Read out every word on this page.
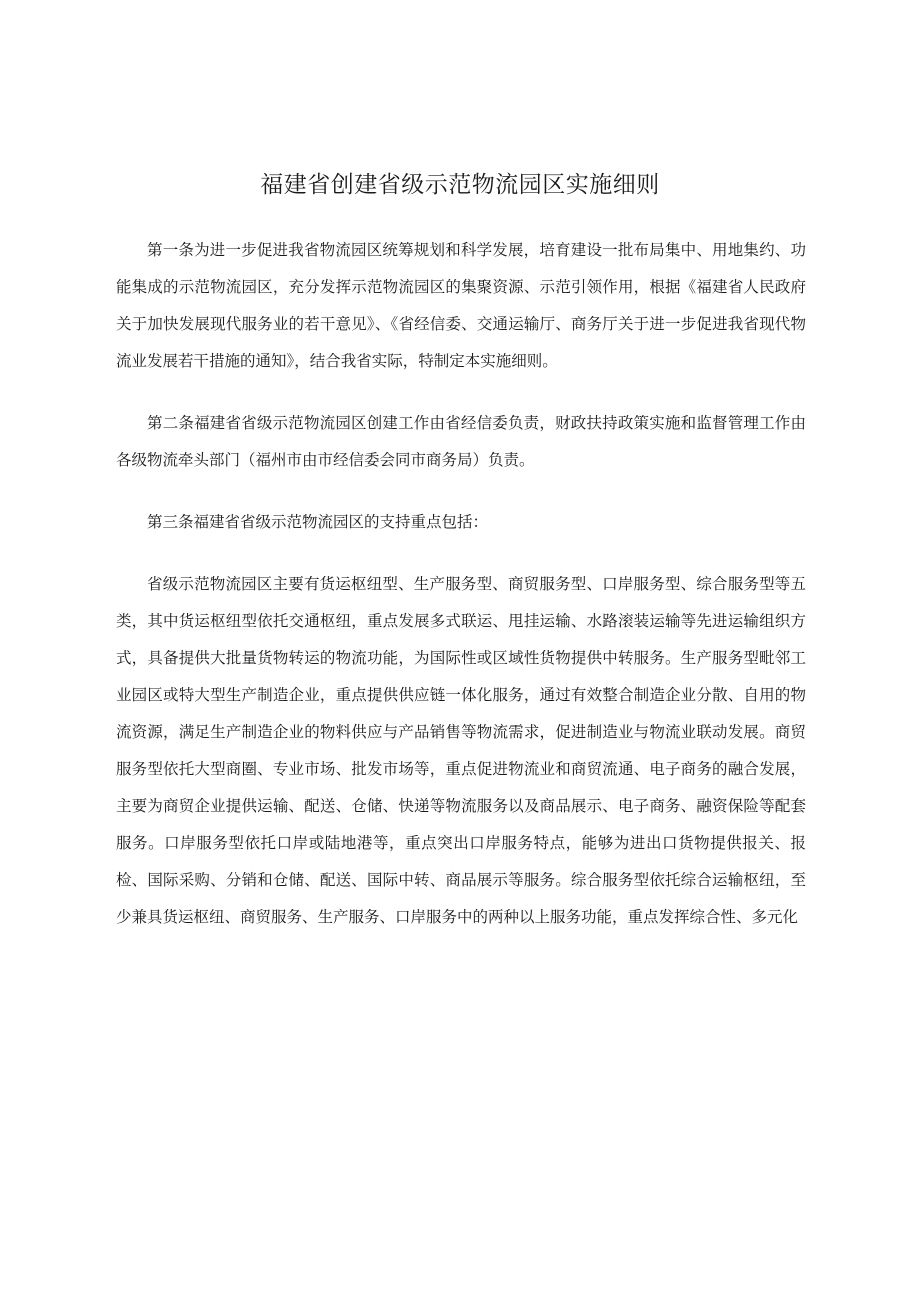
福建省创建省级示范物流园区实施细则

第一条为进一步促进我省物流园区统筹规划和科学发展，培育建设一批布局集中、用地集约、功能集成的示范物流园区，充分发挥示范物流园区的集聚资源、示范引领作用，根据《福建省人民政府关于加快发展现代服务业的若干意见》、《省经信委、交通运输厅、商务厅关于进一步促进我省现代物流业发展若干措施的通知》，结合我省实际，特制定本实施细则。

第二条福建省省级示范物流园区创建工作由省经信委负责，财政扶持政策实施和监督管理工作由各级物流牵头部门（福州市由市经信委会同市商务局）负责。

第三条福建省省级示范物流园区的支持重点包括：

省级示范物流园区主要有货运枢纽型、生产服务型、商贸服务型、口岸服务型、综合服务型等五类，其中货运枢纽型依托交通枢纽，重点发展多式联运、甩挂运输、水路滚装运输等先进运输组织方式，具备提供大批量货物转运的物流功能，为国际性或区域性货物提供中转服务。生产服务型毗邻工业园区或特大型生产制造企业，重点提供供应链一体化服务，通过有效整合制造企业分散、自用的物流资源，满足生产制造企业的物料供应与产品销售等物流需求，促进制造业与物流业联动发展。商贸服务型依托大型商圈、专业市场、批发市场等，重点促进物流业和商贸流通、电子商务的融合发展，主要为商贸企业提供运输、配送、仓储、快递等物流服务以及商品展示、电子商务、融资保险等配套服务。口岸服务型依托口岸或陆地港等，重点突出口岸服务特点，能够为进出口货物提供报关、报检、国际采购、分销和仓储、配送、国际中转、商品展示等服务。综合服务型依托综合运输枢纽，至少兼具货运枢纽、商贸服务、生产服务、口岸服务中的两种以上服务功能，重点发挥综合性、多元化
